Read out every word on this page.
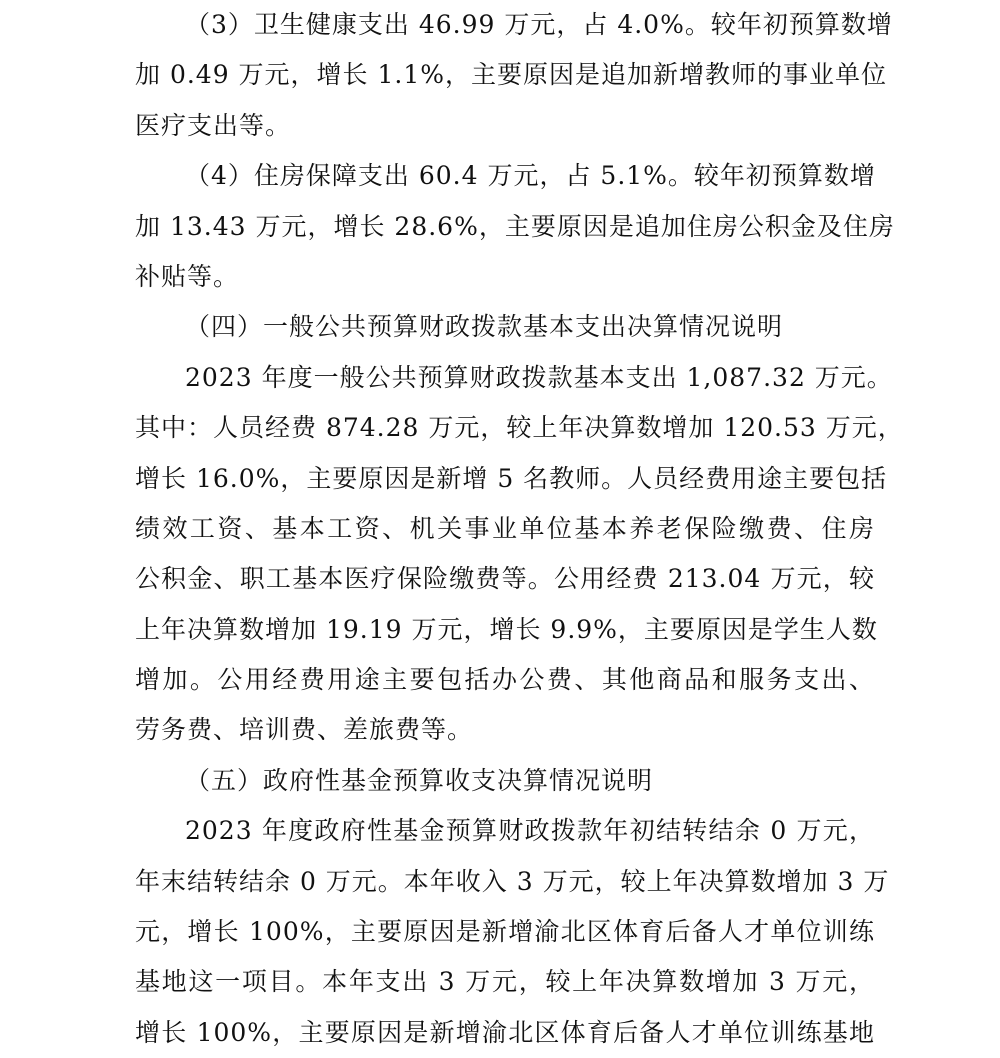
（3）卫生健康支出 46.99 万元，占 4.0%。较年初预算数增
加 0.49 万元，增长 1.1%，主要原因是追加新增教师的事业单位
医疗支出等。
（4）住房保障支出 60.4 万元，占 5.1%。较年初预算数增
加 13.43 万元，增长 28.6%，主要原因是追加住房公积金及住房
补贴等。
（四）一般公共预算财政拨款基本支出决算情况说明
2023 年度一般公共预算财政拨款基本支出 1,087.32 万元。
其中：人员经费 874.28 万元，较上年决算数增加 120.53 万元，
增长 16.0%，主要原因是新增 5 名教师。人员经费用途主要包括
绩效工资、基本工资、机关事业单位基本养老保险缴费、住房
公积金、职工基本医疗保险缴费等。公用经费 213.04 万元，较
上年决算数增加 19.19 万元，增长 9.9%，主要原因是学生人数
增加。公用经费用途主要包括办公费、其他商品和服务支出、
劳务费、培训费、差旅费等。
（五）政府性基金预算收支决算情况说明
2023 年度政府性基金预算财政拨款年初结转结余 0 万元，
年末结转结余 0 万元。本年收入 3 万元，较上年决算数增加 3 万
元，增长 100%，主要原因是新增渝北区体育后备人才单位训练
基地这一项目。本年支出 3 万元，较上年决算数增加 3 万元，
增长 100%，主要原因是新增渝北区体育后备人才单位训练基地
